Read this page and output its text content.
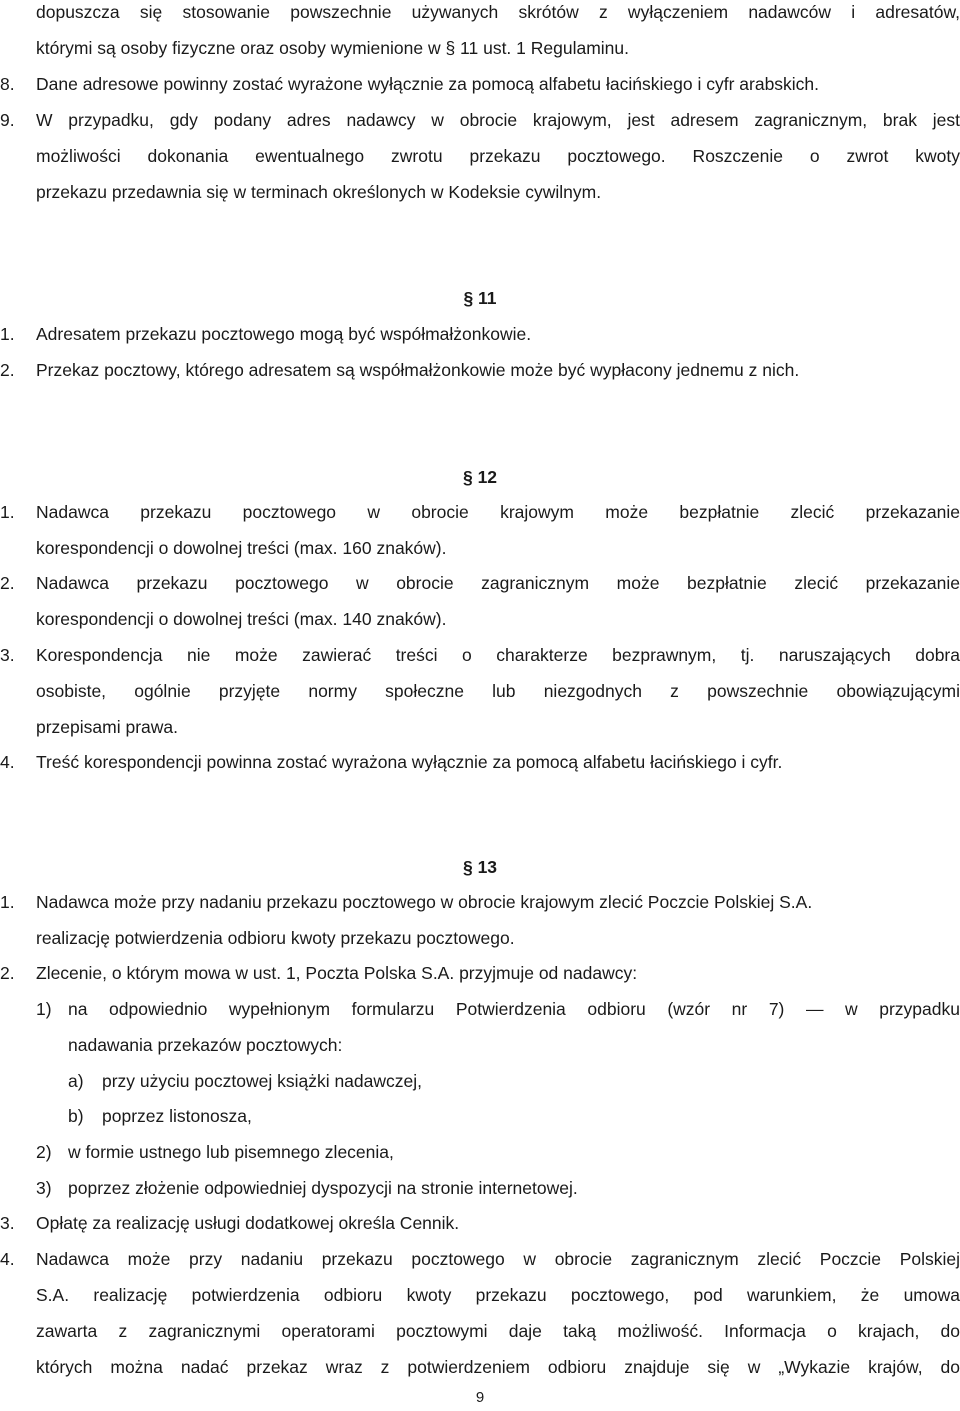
dopuszcza się stosowanie powszechnie używanych skrótów z wyłączeniem nadawców i adresatów,
którymi są osoby fizyczne oraz osoby wymienione w § 11 ust. 1 Regulaminu.
8. Dane adresowe powinny zostać wyrażone wyłącznie za pomocą alfabetu łacińskiego i cyfr arabskich.
9. W przypadku, gdy podany adres nadawcy w obrocie krajowym, jest adresem zagranicznym, brak jest
możliwości dokonania ewentualnego zwrotu przekazu pocztowego. Roszczenie o zwrot kwoty
przekazu przedawnia się w terminach określonych w Kodeksie cywilnym.
§ 11
1. Adresatem przekazu pocztowego mogą być współmałżonkowie.
2. Przekaz pocztowy, którego adresatem są współmałżonkowie może być wypłacony jednemu z nich.
§ 12
1. Nadawca przekazu pocztowego w obrocie krajowym może bezpłatnie zlecić przekazanie
korespondencji o dowolnej treści (max. 160 znaków).
2. Nadawca przekazu pocztowego w obrocie zagranicznym może bezpłatnie zlecić przekazanie
korespondencji o dowolnej treści (max. 140 znaków).
3. Korespondencja nie może zawierać treści o charakterze bezprawnym, tj. naruszających dobra
osobiste, ogólnie przyjęte normy społeczne lub niezgodnych z powszechnie obowiązującymi
przepisami prawa.
4. Treść korespondencji powinna zostać wyrażona wyłącznie za pomocą alfabetu łacińskiego i cyfr.
§ 13
1. Nadawca może przy nadaniu przekazu pocztowego w obrocie krajowym zlecić Poczcie Polskiej S.A.
realizację potwierdzenia odbioru kwoty przekazu pocztowego.
2. Zlecenie, o którym mowa w ust. 1, Poczta Polska S.A. przyjmuje od nadawcy:
1) na odpowiednio wypełnionym formularzu Potwierdzenia odbioru (wzór nr 7) — w przypadku
nadawania przekazów pocztowych:
a) przy użyciu pocztowej książki nadawczej,
b) poprzez listonosza,
2) w formie ustnego lub pisemnego zlecenia,
3) poprzez złożenie odpowiedniej dyspozycji na stronie internetowej.
3. Opłatę za realizację usługi dodatkowej określa Cennik.
4. Nadawca może przy nadaniu przekazu pocztowego w obrocie zagranicznym zlecić Poczcie Polskiej
S.A. realizację potwierdzenia odbioru kwoty przekazu pocztowego, pod warunkiem, że umowa
zawarta z zagranicznymi operatorami pocztowymi daje taką możliwość. Informacja o krajach, do
których można nadać przekaz wraz z potwierdzeniem odbioru znajduje się w „Wykazie krajów, do
9
